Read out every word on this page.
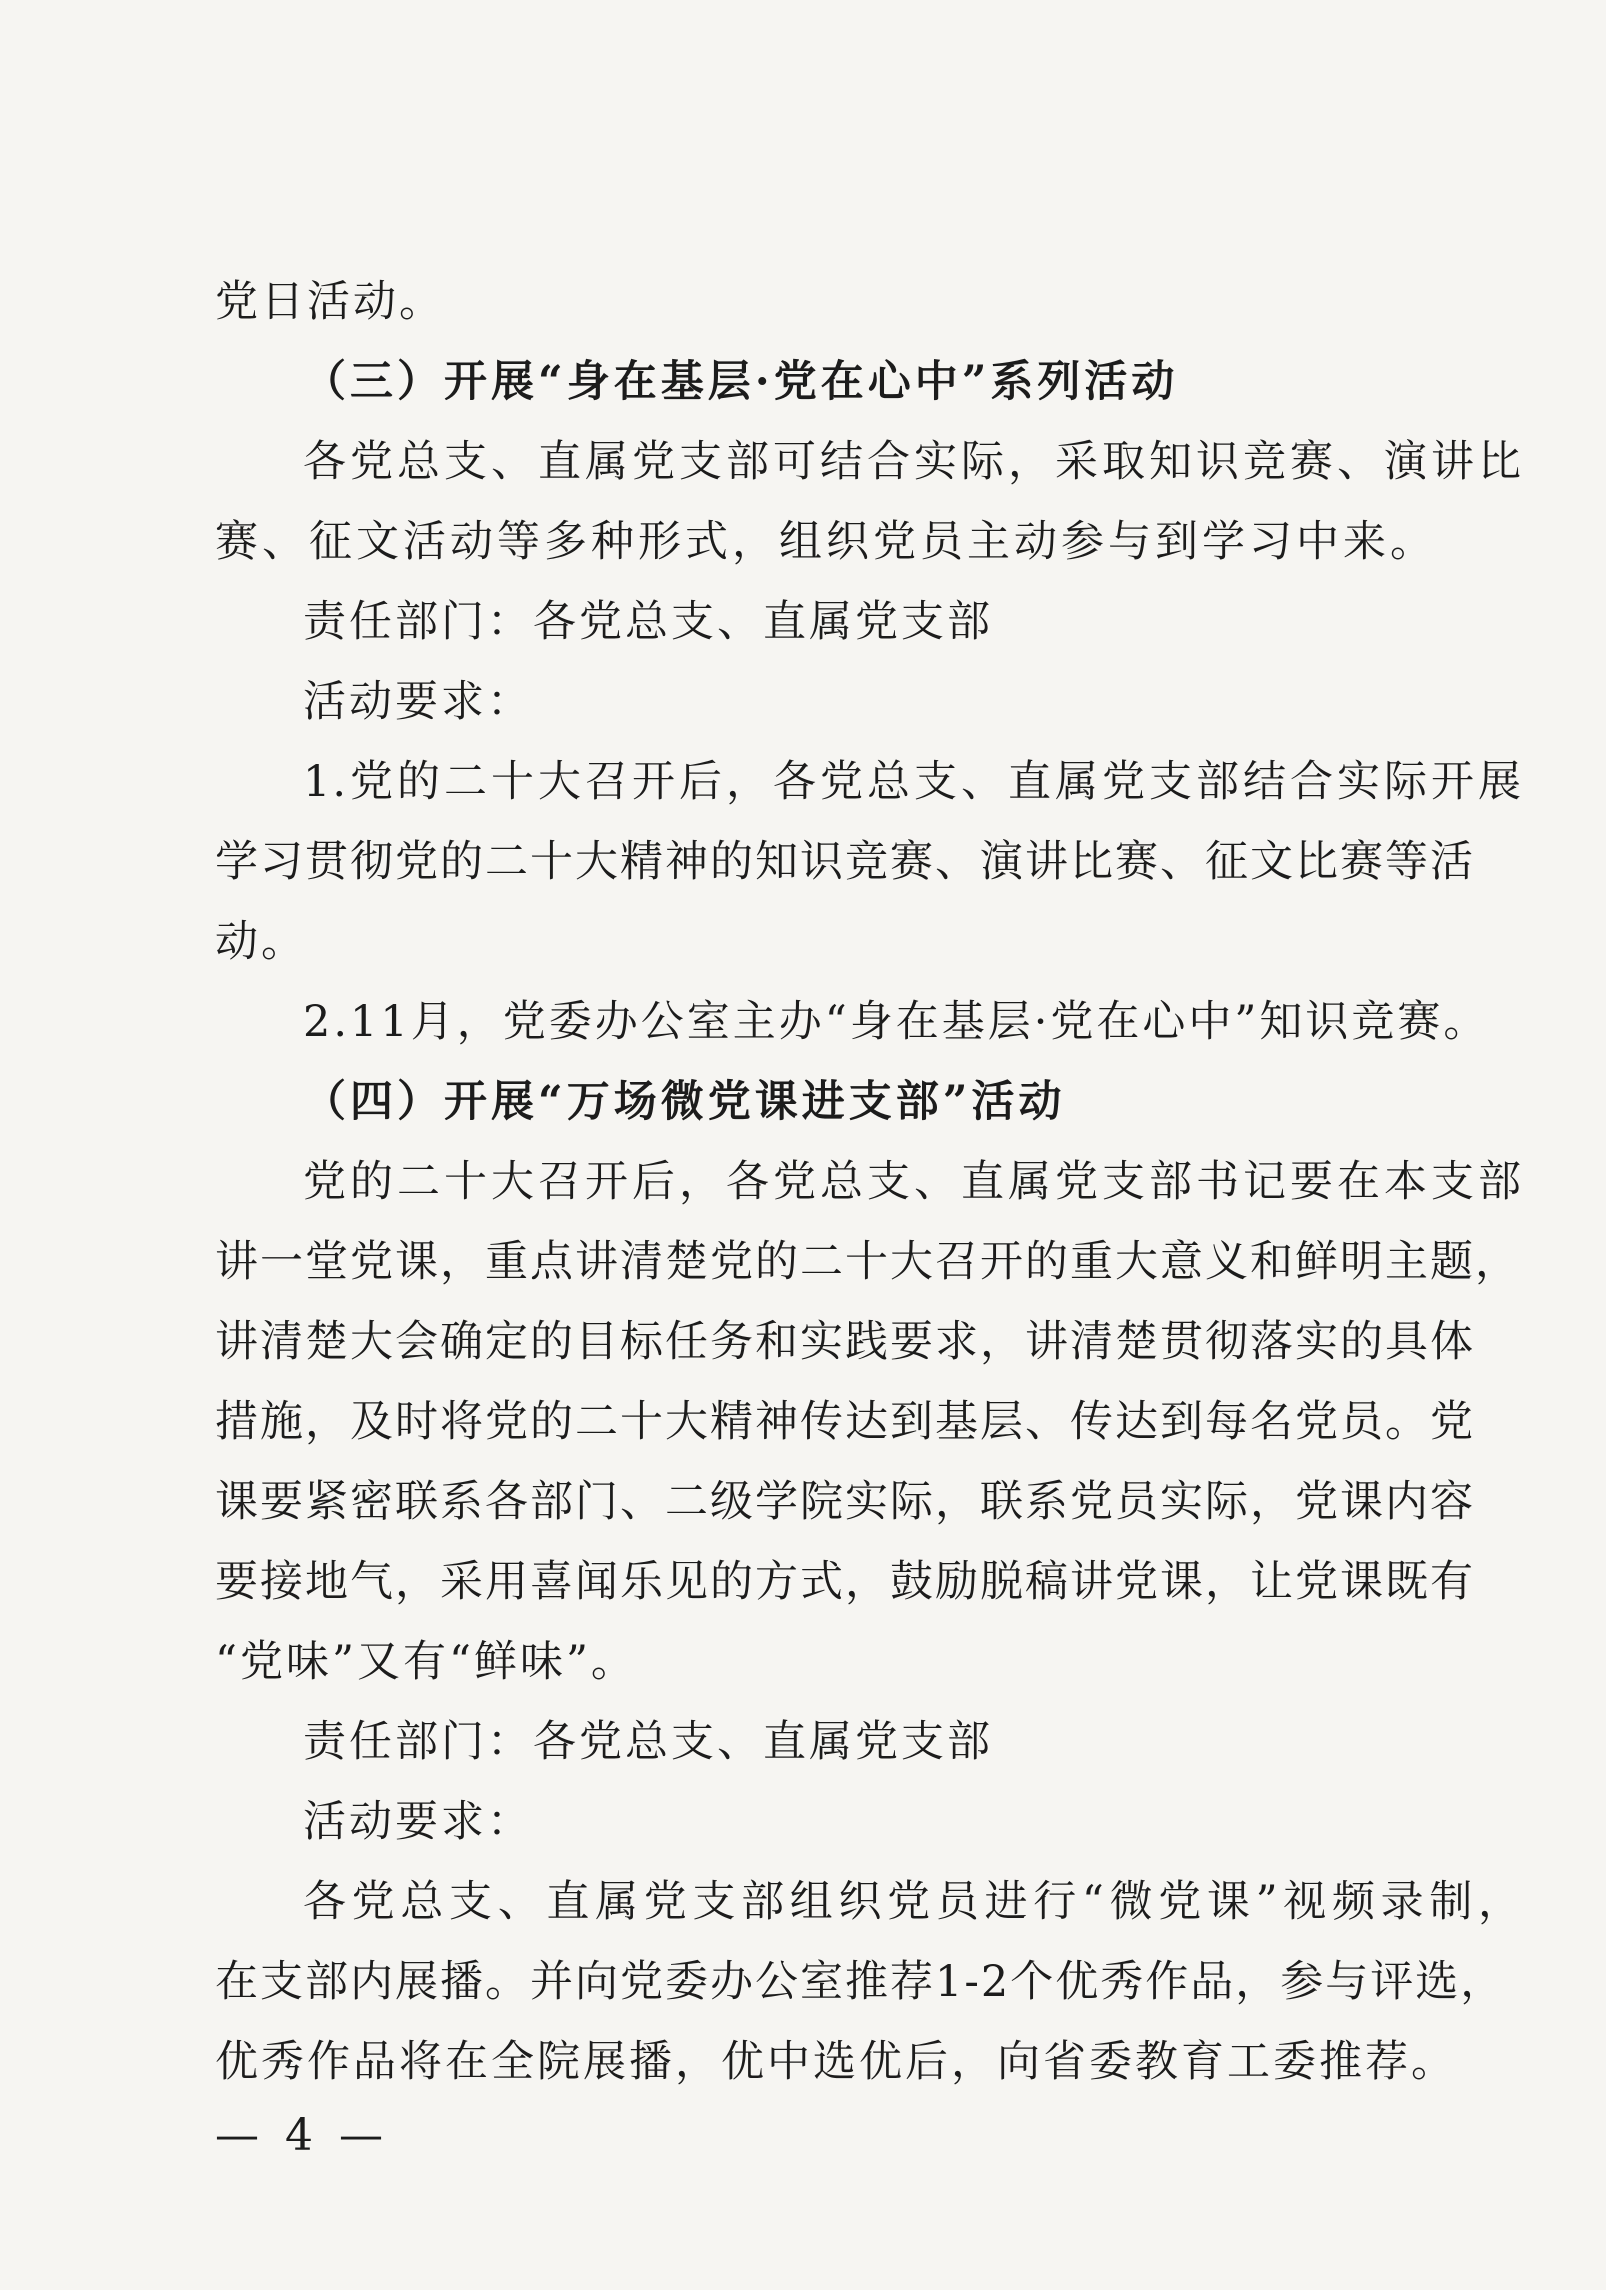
党日活动。
（三）开展“身在基层·党在心中”系列活动
各党总支、直属党支部可结合实际，采取知识竞赛、演讲比
赛、征文活动等多种形式，组织党员主动参与到学习中来。
责任部门：各党总支、直属党支部
活动要求：
1.党的二十大召开后，各党总支、直属党支部结合实际开展
学习贯彻党的二十大精神的知识竞赛、演讲比赛、征文比赛等活
动。
2.11月，党委办公室主办“身在基层·党在心中”知识竞赛。
（四）开展“万场微党课进支部”活动
党的二十大召开后，各党总支、直属党支部书记要在本支部
讲一堂党课，重点讲清楚党的二十大召开的重大意义和鲜明主题，
讲清楚大会确定的目标任务和实践要求，讲清楚贯彻落实的具体
措施，及时将党的二十大精神传达到基层、传达到每名党员。党
课要紧密联系各部门、二级学院实际，联系党员实际，党课内容
要接地气，采用喜闻乐见的方式，鼓励脱稿讲党课，让党课既有
“党味”又有“鲜味”。
责任部门：各党总支、直属党支部
活动要求：
各党总支、直属党支部组织党员进行“微党课”视频录制，
在支部内展播。并向党委办公室推荐1-2个优秀作品，参与评选，
优秀作品将在全院展播，优中选优后，向省委教育工委推荐。
— 4 —
